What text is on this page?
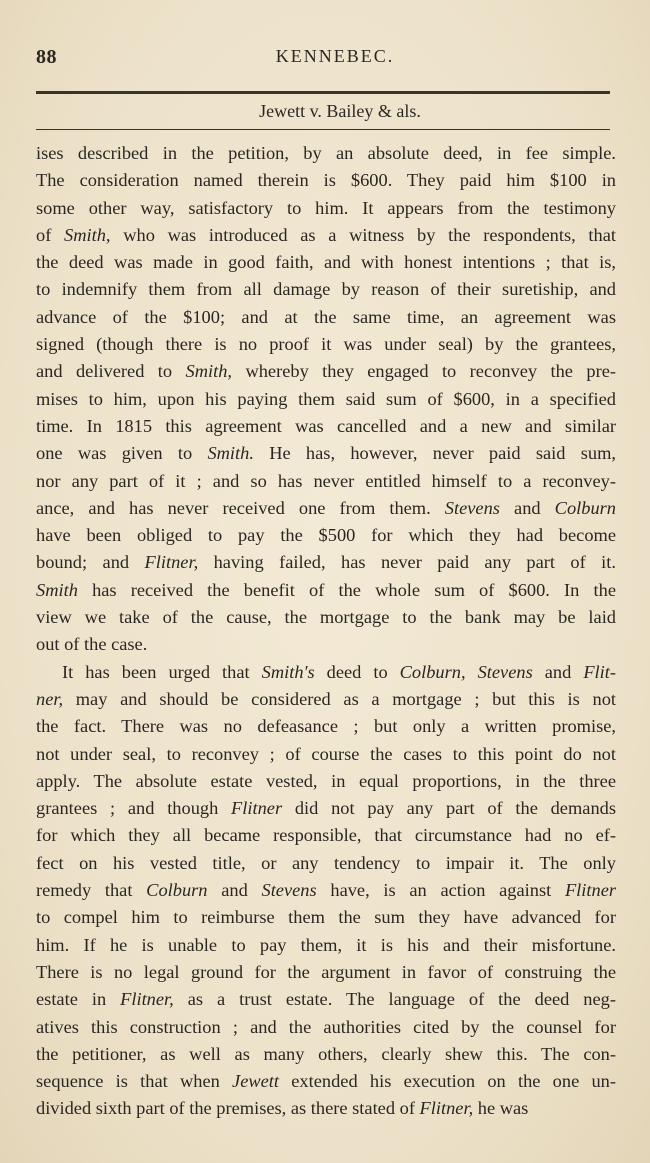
88	KENNEBEC.
Jewett v. Bailey & als.
ises described in the petition, by an absolute deed, in fee simple.
The consideration named therein is $600. They paid him $100 in
some other way, satisfactory to him. It appears from the testimony
of Smith, who was introduced as a witness by the respondents, that
the deed was made in good faith, and with honest intentions ; that is,
to indemnify them from all damage by reason of their suretiship, and
advance of the $100; and at the same time, an agreement was
signed (though there is no proof it was under seal) by the grantees,
and delivered to Smith, whereby they engaged to reconvey the pre-
mises to him, upon his paying them said sum of $600, in a specified
time. In 1815 this agreement was cancelled and a new and similar
one was given to Smith. He has, however, never paid said sum,
nor any part of it ; and so has never entitled himself to a reconvey-
ance, and has never received one from them. Stevens and Colburn
have been obliged to pay the $500 for which they had become
bound; and Flitner, having failed, has never paid any part of it.
Smith has received the benefit of the whole sum of $600. In the
view we take of the cause, the mortgage to the bank may be laid
out of the case.
It has been urged that Smith's deed to Colburn, Stevens and Flit-
ner, may and should be considered as a mortgage ; but this is not
the fact. There was no defeasance ; but only a written promise,
not under seal, to reconvey ; of course the cases to this point do not
apply. The absolute estate vested, in equal proportions, in the three
grantees ; and though Flitner did not pay any part of the demands
for which they all became responsible, that circumstance had no ef-
fect on his vested title, or any tendency to impair it. The only
remedy that Colburn and Stevens have, is an action against Flitner
to compel him to reimburse them the sum they have advanced for
him. If he is unable to pay them, it is his and their misfortune.
There is no legal ground for the argument in favor of construing the
estate in Flitner, as a trust estate. The language of the deed neg-
atives this construction ; and the authorities cited by the counsel for
the petitioner, as well as many others, clearly shew this. The con-
sequence is that when Jewett extended his execution on the one un-
divided sixth part of the premises, as there stated of Flitner, he was
